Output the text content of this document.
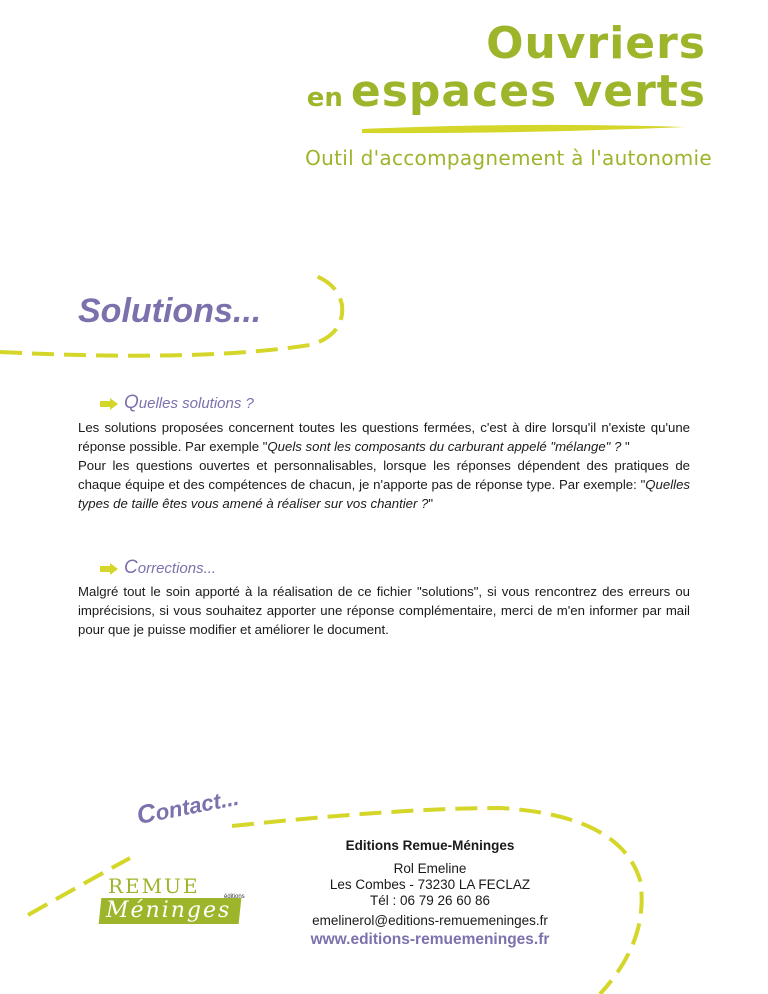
Ouvriers
en espaces verts
Outil d'accompagnement à l'autonomie
Solutions...
Quelles solutions ?
Les solutions proposées concernent toutes les questions fermées, c'est à dire lorsqu'il n'existe qu'une réponse possible. Par exemple "Quels sont les composants du carburant appelé "mélange" ? "
Pour les questions ouvertes et personnalisables, lorsque les réponses dépendent des pratiques de chaque équipe et des compétences de chacun, je n'apporte pas de réponse type. Par exemple: "Quelles types de taille êtes vous amené à réaliser sur vos chantier ?"
Corrections...
Malgré tout le soin apporté à la réalisation de ce fichier "solutions", si vous rencontrez des erreurs ou imprécisions, si vous souhaitez apporter une réponse complémentaire, merci de m'en informer par mail pour que je puisse modifier et améliorer le document.
Contact...
Editions Remue-Méninges
Rol Emeline
Les Combes - 73230 LA FECLAZ
Tél : 06 79 26 60 86
emelinerol@editions-remuemeninges.fr
www.editions-remuemeninges.fr
REMUE
Méninges
éditions
